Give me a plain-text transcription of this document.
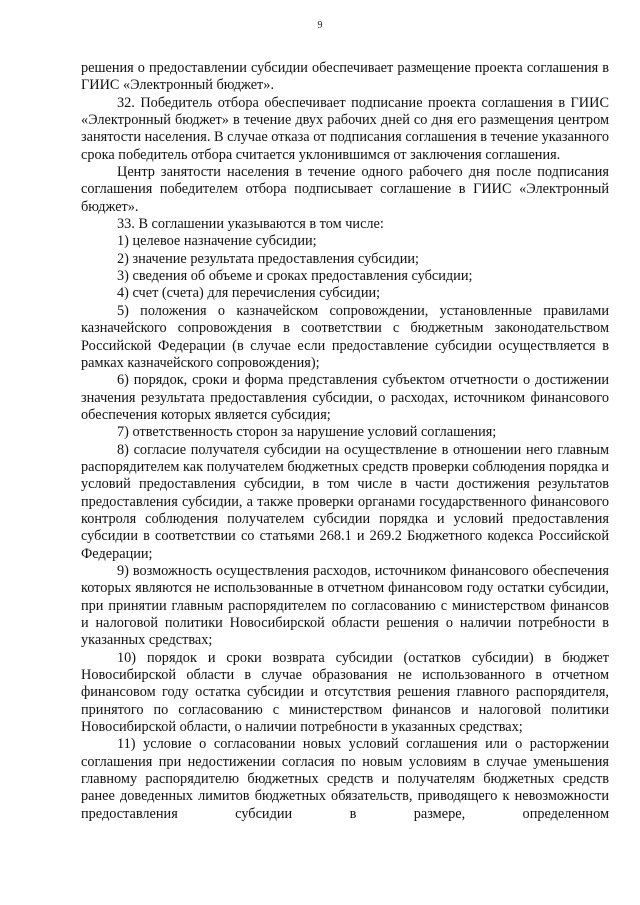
9

решения о предоставлении субсидии обеспечивает размещение проекта соглашения в ГИИС «Электронный бюджет».

32. Победитель отбора обеспечивает подписание проекта соглашения в ГИИС «Электронный бюджет» в течение двух рабочих дней со дня его размещения центром занятости населения. В случае отказа от подписания соглашения в течение указанного срока победитель отбора считается уклонившимся от заключения соглашения.

Центр занятости населения в течение одного рабочего дня после подписания соглашения победителем отбора подписывает соглашение в ГИИС «Электронный бюджет».

33. В соглашении указываются в том числе:

1) целевое назначение субсидии;

2) значение результата предоставления субсидии;

3) сведения об объеме и сроках предоставления субсидии;

4) счет (счета) для перечисления субсидии;

5) положения о казначейском сопровождении, установленные правилами казначейского сопровождения в соответствии с бюджетным законодательством Российской Федерации (в случае если предоставление субсидии осуществляется в рамках казначейского сопровождения);

6) порядок, сроки и форма представления субъектом отчетности о достижении значения результата предоставления субсидии, о расходах, источником финансового обеспечения которых является субсидия;

7) ответственность сторон за нарушение условий соглашения;

8) согласие получателя субсидии на осуществление в отношении него главным распорядителем как получателем бюджетных средств проверки соблюдения порядка и условий предоставления субсидии, в том числе в части достижения результатов предоставления субсидии, а также проверки органами государственного финансового контроля соблюдения получателем субсидии порядка и условий предоставления субсидии в соответствии со статьями 268.1 и 269.2 Бюджетного кодекса Российской Федерации;

9) возможность осуществления расходов, источником финансового обеспечения которых являются не использованные в отчетном финансовом году остатки субсидии, при принятии главным распорядителем по согласованию с министерством финансов и налоговой политики Новосибирской области решения о наличии потребности в указанных средствах;

10) порядок и сроки возврата субсидии (остатков субсидии) в бюджет Новосибирской области в случае образования не использованного в отчетном финансовом году остатка субсидии и отсутствия решения главного распорядителя, принятого по согласованию с министерством финансов и налоговой политики Новосибирской области, о наличии потребности в указанных средствах;

11) условие о согласовании новых условий соглашения или о расторжении соглашения при недостижении согласия по новым условиям в случае уменьшения главному распорядителю бюджетных средств и получателям бюджетных средств ранее доведенных лимитов бюджетных обязательств, приводящего к невозможности предоставления субсидии в размере, определенном
